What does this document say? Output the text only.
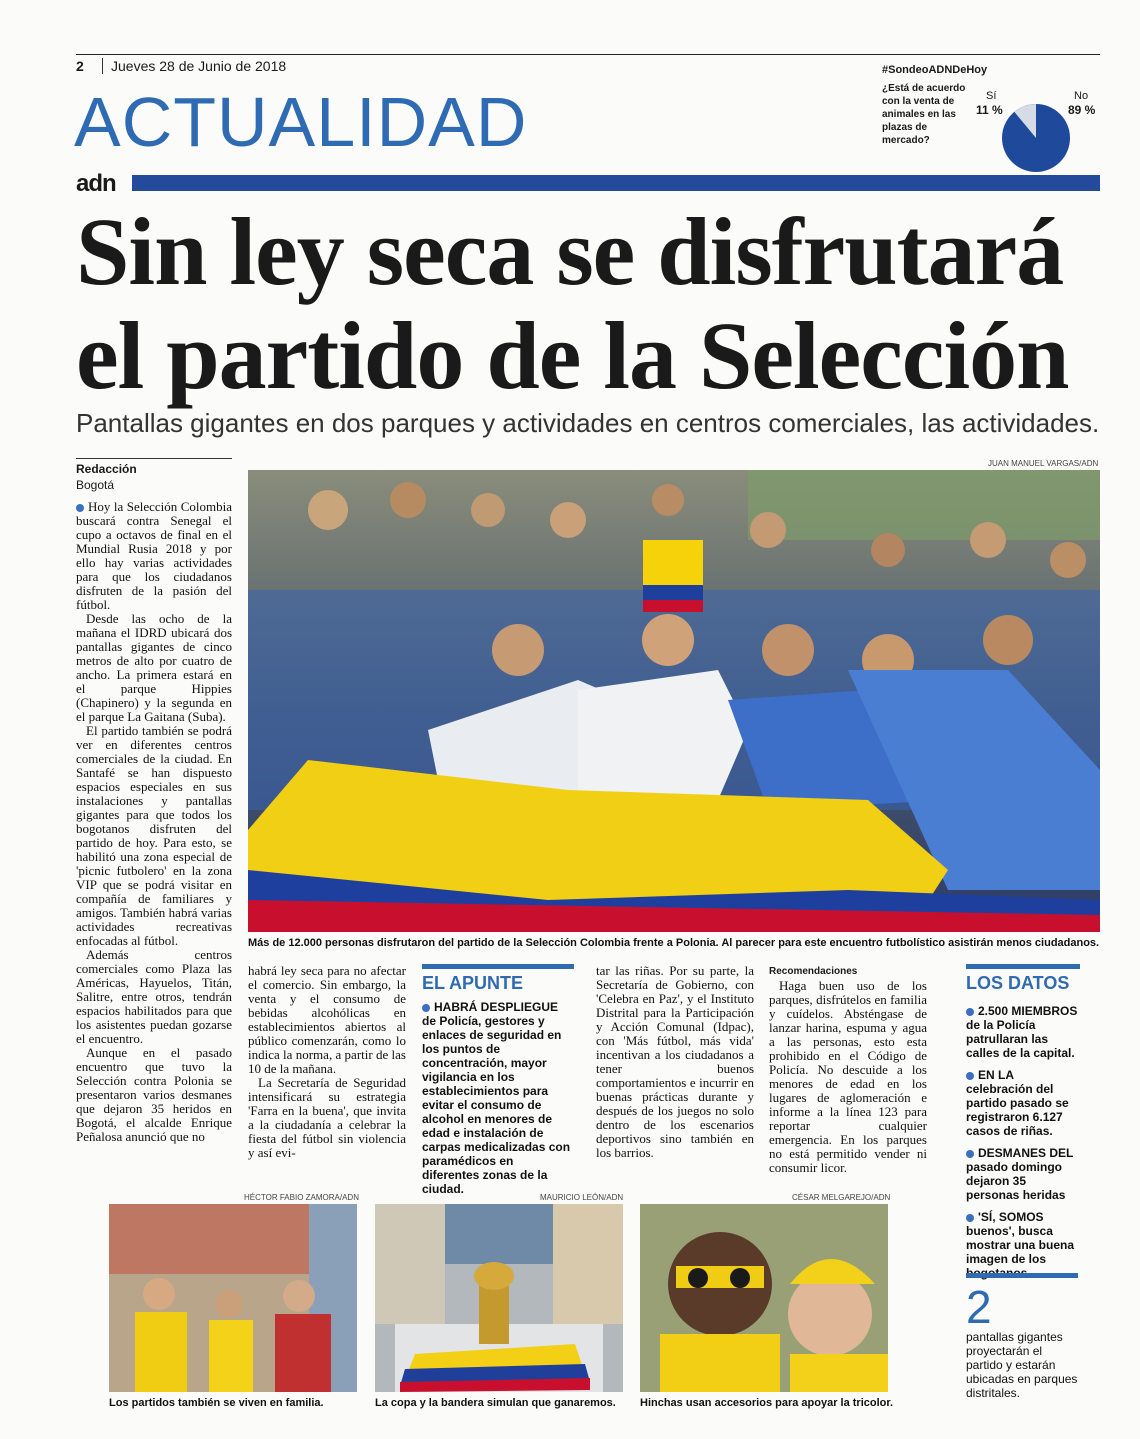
2	Jueves 28 de Junio de 2018
ACTUALIDAD
#SondeoADNDeHoy
¿Está de acuerdo con la venta de animales en las plazas de mercado?
Sí
11 %
No
89 %
adn
Sin ley seca se disfrutará
el partido de la Selección
Pantallas gigantes en dos parques y actividades en centros comerciales, las actividades.
Redacción
Bogotá

Hoy la Selección Colombia buscará contra Senegal el cupo a octavos de final en el Mundial Rusia 2018 y por ello hay varias actividades para que los ciudadanos disfruten de la pasión del fútbol.

Desde las ocho de la mañana el IDRD ubicará dos pantallas gigantes de cinco metros de alto por cuatro de ancho. La primera estará en el parque Hippies (Chapinero) y la segunda en el parque La Gaitana (Suba).

El partido también se podrá ver en diferentes centros comerciales de la ciudad. En Santafé se han dispuesto espacios especiales en sus instalaciones y pantallas gigantes para que todos los bogotanos disfruten del partido de hoy. Para esto, se habilitó una zona especial de 'picnic futbolero' en la zona VIP que se podrá visitar en compañía de familiares y amigos. También habrá varias actividades recreativas enfocadas al fútbol.

Además centros comerciales como Plaza las Américas, Hayuelos, Titán, Salitre, entre otros, tendrán espacios habilitados para que los asistentes puedan gozarse el encuentro.

Aunque en el pasado encuentro que tuvo la Selección contra Polonia se presentaron varios desmanes que dejaron 35 heridos en Bogotá, el alcalde Enrique Peñalosa anunció que no

JUAN MANUEL VARGAS/ADN
Más de 12.000 personas disfrutaron del partido de la Selección Colombia frente a Polonia. Al parecer para este encuentro futbolístico asistirán menos ciudadanos.

habrá ley seca para no afectar el comercio. Sin embargo, la venta y el consumo de bebidas alcohólicas en establecimientos abiertos al público comenzarán, como lo indica la norma, a partir de las 10 de la mañana.

La Secretaría de Seguridad intensificará su estrategia 'Farra en la buena', que invita a la ciudadanía a celebrar la fiesta del fútbol sin violencia y así evi-

EL APUNTE
HABRÁ DESPLIEGUE de Policía, gestores y enlaces de seguridad en los puntos de concentración, mayor vigilancia en los establecimientos para evitar el consumo de alcohol en menores de edad e instalación de carpas medicalizadas con paramédicos en diferentes zonas de la ciudad.

tar las riñas. Por su parte, la Secretaría de Gobierno, con 'Celebra en Paz', y el Instituto Distrital para la Participación y Acción Comunal (Idpac), con 'Más fútbol, más vida' incentivan a los ciudadanos a tener buenos comportamientos e incurrir en buenas prácticas durante y después de los juegos no solo dentro de los escenarios deportivos sino también en los barrios.

Recomendaciones

Haga buen uso de los parques, disfrútelos en familia y cuídelos. Absténgase de lanzar harina, espuma y agua a las personas, esto esta prohibido en el Código de Policía. No descuide a los menores de edad en los lugares de aglomeración e informe a la línea 123 para reportar cualquier emergencia. En los parques no está permitido vender ni consumir licor.

LOS DATOS
2.500 MIEMBROS de la Policía patrullaran las calles de la capital.
EN LA celebración del partido pasado se registraron 6.127 casos de riñas.
DESMANES DEL pasado domingo dejaron 35 personas heridas
'SÍ, SOMOS buenos', busca mostrar una buena imagen de los
2
pantallas gigantes proyectarán el partido y estarán ubicadas en parques distritales.
HÉCTOR FABIO ZAMORA/ADN
Los partidos también se viven en familia.
MAURICIO LEÓN/ADN
La copa y la bandera simulan que ganaremos.
CÉSAR MELGAREJO/ADN
Hinchas usan accesorios para apoyar la tricolor.
